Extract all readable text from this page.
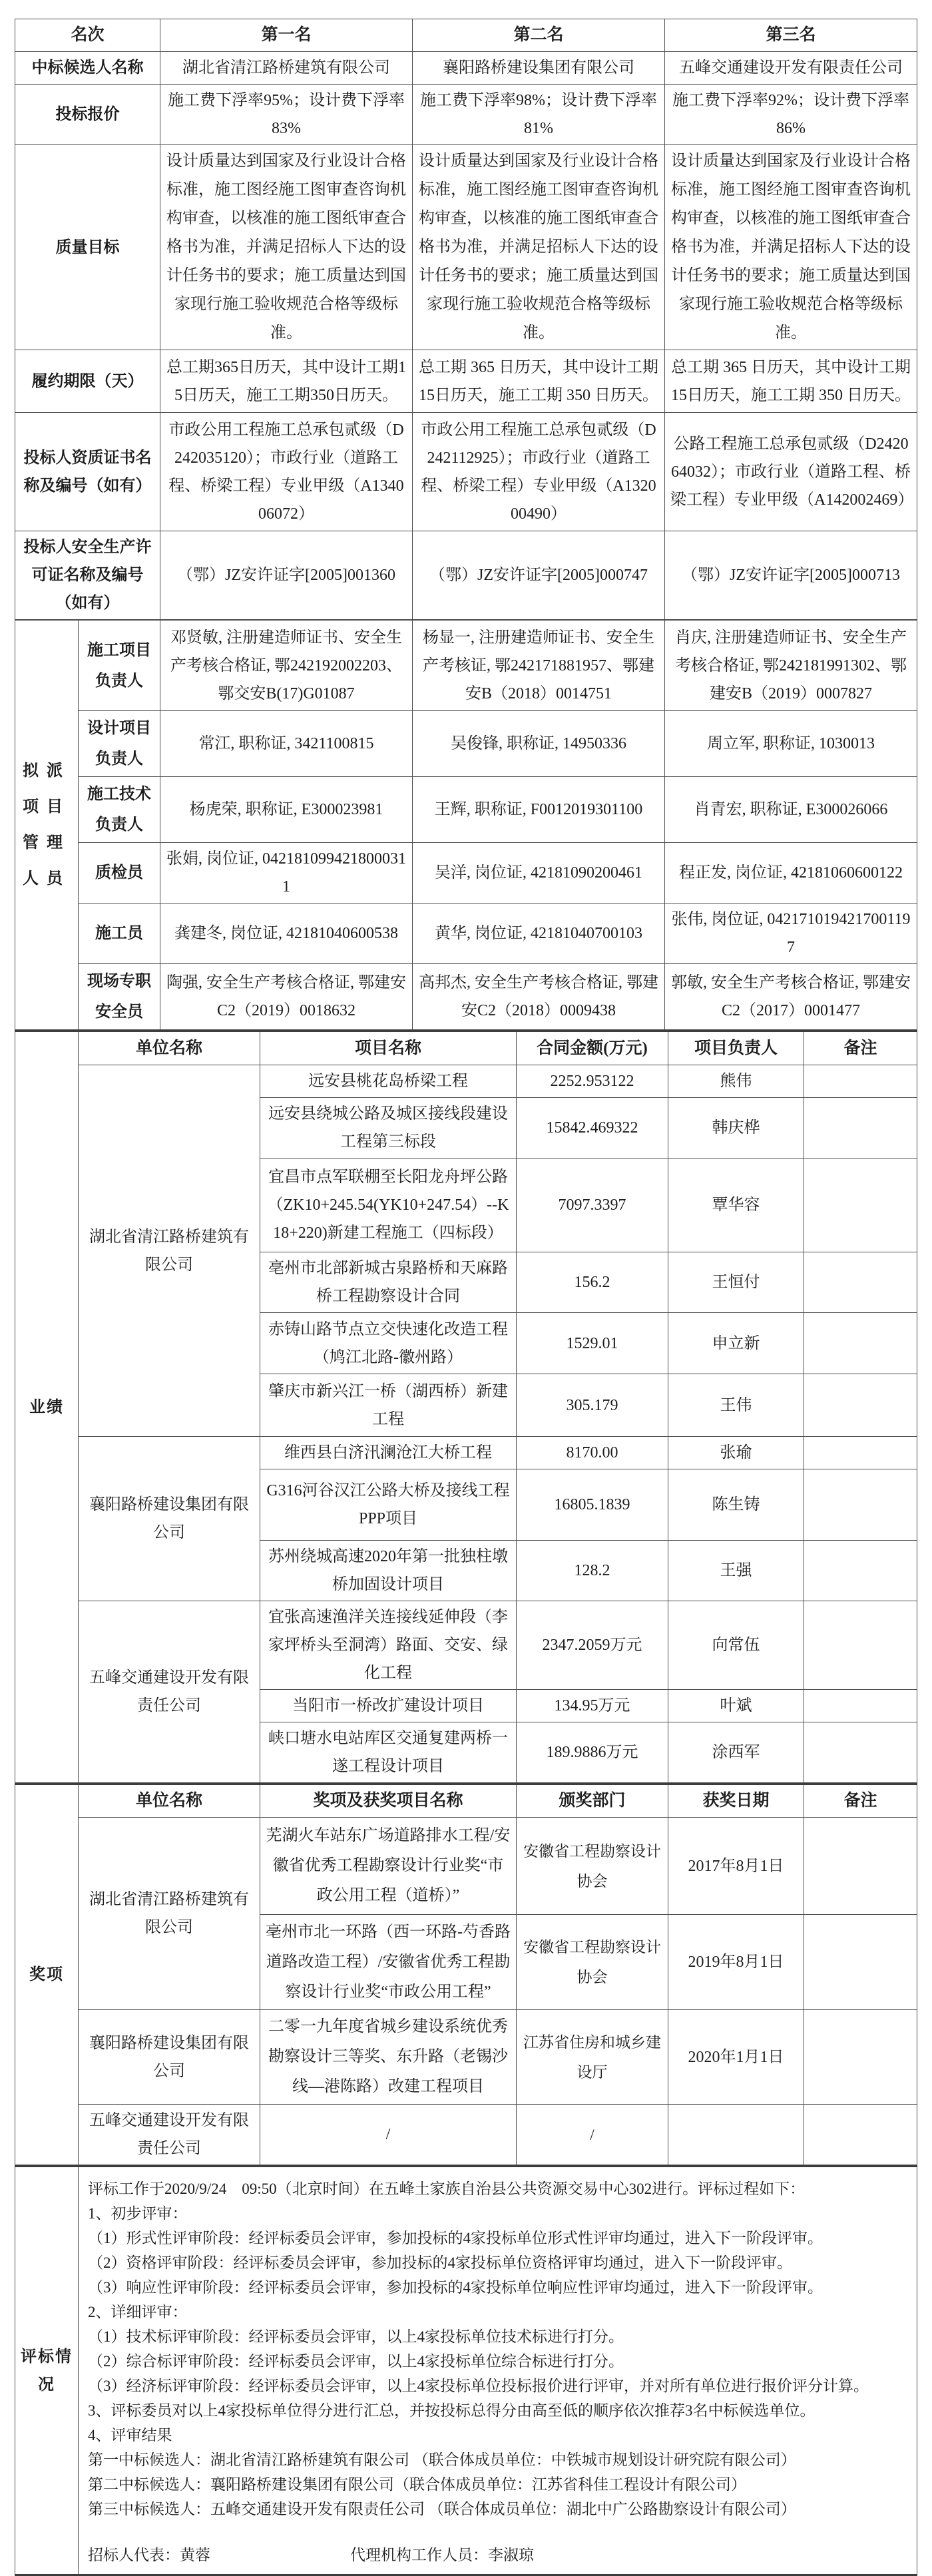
名次	第一名	第二名	第三名
中标候选人名称	湖北省清江路桥建筑有限公司	襄阳路桥建设集团有限公司	五峰交通建设开发有限责任公司
投标报价	施工费下浮率95%；设计费下浮率83%	施工费下浮率98%；设计费下浮率81%	施工费下浮率92%；设计费下浮率86%
质量目标	设计质量达到国家及行业设计合格标准，施工图经施工图审查咨询机构审查，以核准的施工图纸审查合格书为准，并满足招标人下达的设计任务书的要求；施工质量达到国家现行施工验收规范合格等级标准。	设计质量达到国家及行业设计合格标准，施工图经施工图审查咨询机构审查，以核准的施工图纸审查合格书为准，并满足招标人下达的设计任务书的要求；施工质量达到国家现行施工验收规范合格等级标准。	设计质量达到国家及行业设计合格标准，施工图经施工图审查咨询机构审查，以核准的施工图纸审查合格书为准，并满足招标人下达的设计任务书的要求；施工质量达到国家现行施工验收规范合格等级标准。
履约期限（天）	总工期365日历天，其中设计工期15日历天，施工工期350日历天。	总工期 365 日历天，其中设计工期15日历天，施工工期 350 日历天。	总工期 365 日历天，其中设计工期15日历天，施工工期 350 日历天。
投标人资质证书名称及编号（如有）	市政公用工程施工总承包贰级（D242035120）；市政行业（道路工程、桥梁工程）专业甲级（A134006072）	市政公用工程施工总承包贰级（D242112925）；市政行业（道路工程、桥梁工程）专业甲级（A132000490）	公路工程施工总承包贰级（D242064032）；市政行业（道路工程、桥梁工程）专业甲级（A142002469）
投标人安全生产许可证名称及编号（如有）	（鄂）JZ安许证字[2005]001360	（鄂）JZ安许证字[2005]000747	（鄂）JZ安许证字[2005]000713
拟派项目管理人员	施工项目负责人	邓贤敏, 注册建造师证书、安全生产考核合格证, 鄂242192002203、鄂交安B(17)G01087	杨显一, 注册建造师证书、安全生产考核证, 鄂242171881957、鄂建安B（2018）0014751	肖庆, 注册建造师证书、安全生产考核合格证, 鄂242181991302、鄂建安B（2019）0007827
	设计项目负责人	常江, 职称证, 3421100815	吴俊锋, 职称证, 14950336	周立军, 职称证, 1030013
	施工技术负责人	杨虎荣, 职称证, E300023981	王辉, 职称证, F0012019301100	肖青宏, 职称证, E300026066
	质检员	张娟, 岗位证, 0421810994218000311	吴洋, 岗位证, 42181090200461	程正发, 岗位证, 42181060600122
	施工员	龚建冬, 岗位证, 42181040600538	黄华, 岗位证, 42181040700103	张伟, 岗位证, 0421710194217001197
	现场专职安全员	陶强, 安全生产考核合格证, 鄂建安C2（2019）0018632	高邦杰, 安全生产考核合格证, 鄂建安C2（2018）0009438	郭敏, 安全生产考核合格证, 鄂建安C2（2017）0001477
业绩	单位名称	项目名称	合同金额(万元)	项目负责人	备注
	湖北省清江路桥建筑有限公司	远安县桃花岛桥梁工程	2252.953122	熊伟	
		远安县绕城公路及城区接线段建设工程第三标段	15842.469322	韩庆桦	
		宜昌市点军联棚至长阳龙舟坪公路（ZK10+245.54(YK10+247.54）--K18+220)新建工程施工（四标段）	7097.3397	覃华容	
		亳州市北部新城古泉路桥和天麻路桥工程勘察设计合同	156.2	王恒付	
		赤铸山路节点立交快速化改造工程（鸠江北路-徽州路）	1529.01	申立新	
		肇庆市新兴江一桥（湖西桥）新建工程	305.179	王伟	
	襄阳路桥建设集团有限公司	维西县白济汛澜沧江大桥工程	8170.00	张瑜	
		G316河谷汉江公路大桥及接线工程PPP项目	16805.1839	陈生铸	
		苏州绕城高速2020年第一批独柱墩桥加固设计项目	128.2	王强	
	五峰交通建设开发有限责任公司	宜张高速渔洋关连接线延伸段（李家坪桥头至洞湾）路面、交安、绿化工程	2347.2059万元	向常伍	
		当阳市一桥改扩建设计项目	134.95万元	叶斌	
		峡口塘水电站库区交通复建两桥一遂工程设计项目	189.9886万元	涂西军	
奖项	单位名称	奖项及获奖项目名称	颁奖部门	获奖日期	备注
	湖北省清江路桥建筑有限公司	芜湖火车站东广场道路排水工程/安徽省优秀工程勘察设计行业奖“市政公用工程（道桥）”	安徽省工程勘察设计协会	2017年8月1日	
		亳州市北一环路（西一环路-芍香路道路改造工程）/安徽省优秀工程勘察设计行业奖“市政公用工程”	安徽省工程勘察设计协会	2019年8月1日	
	襄阳路桥建设集团有限公司	二零一九年度省城乡建设系统优秀勘察设计三等奖、东升路（老锡沙线—港陈路）改建工程项目	江苏省住房和城乡建设厅	2020年1月1日	
	五峰交通建设开发有限责任公司	/	/		
评标情况	
评标工作于2020/9/24　09:50（北京时间）在五峰土家族自治县公共资源交易中心302进行。评标过程如下：
1、初步评审：
（1）形式性评审阶段：经评标委员会评审，参加投标的4家投标单位形式性评审均通过，进入下一阶段评审。
（2）资格评审阶段：经评标委员会评审，参加投标的4家投标单位资格评审均通过，进入下一阶段评审。
（3）响应性评审阶段：经评标委员会评审，参加投标的4家投标单位响应性评审均通过，进入下一阶段评审。
2、详细评审：
（1）技术标评审阶段：经评标委员会评审，以上4家投标单位技术标进行打分。
（2）综合标评审阶段：经评标委员会评审，以上4家投标单位综合标进行打分。
（3）经济标评审阶段：经评标委员会评审，以上4家投标单位投标报价进行评审，并对所有单位进行报价评分计算。
3、评标委员对以上4家投标单位得分进行汇总，并按投标总得分由高至低的顺序依次推荐3名中标候选单位。
4、评审结果
第一中标候选人：湖北省清江路桥建筑有限公司 （联合体成员单位：中铁城市规划设计研究院有限公司）
第二中标候选人：襄阳路桥建设集团有限公司（联合体成员单位：江苏省科佳工程设计有限公司）
第三中标候选人：五峰交通建设开发有限责任公司 （联合体成员单位：湖北中广公路勘察设计有限公司）
招标人代表：黄蓉	代理机构工作人员：李淑琼
